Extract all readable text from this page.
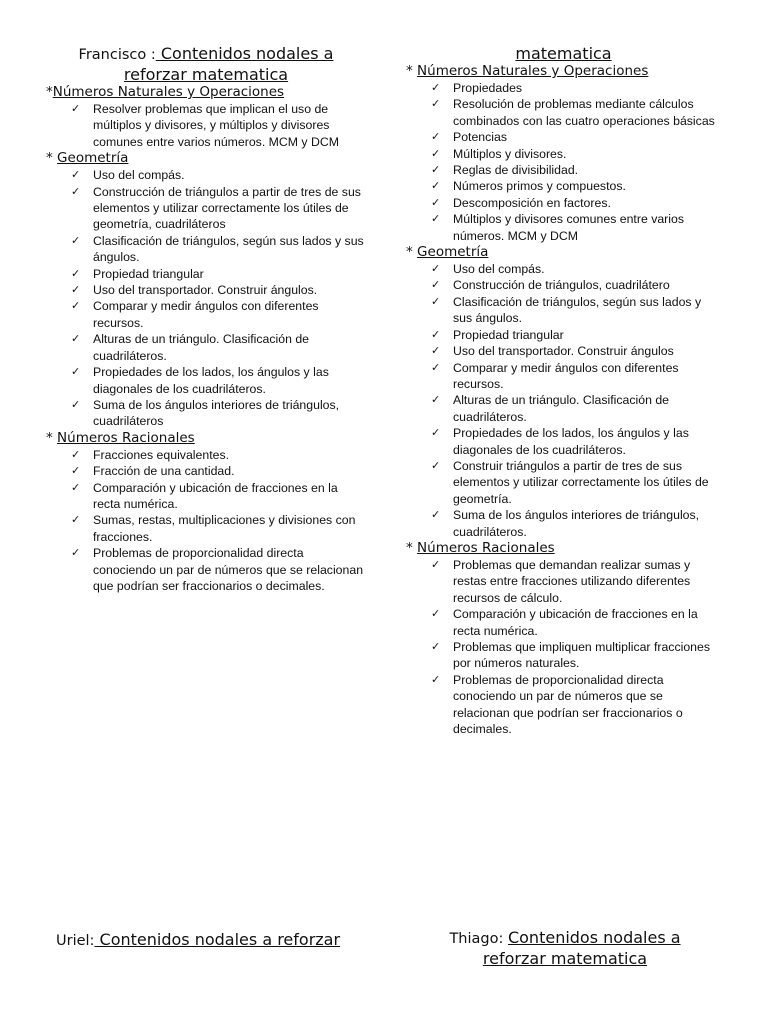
Francisco : Contenidos nodales a reforzar matematica
*Números Naturales y Operaciones
✓ Resolver problemas que implican el uso de múltiplos y divisores, y múltiplos y divisores comunes entre varios números. MCM y DCM
* Geometría
✓ Uso del compás.
✓ Construcción de triángulos a partir de tres de sus elementos y utilizar correctamente los útiles de geometría, cuadriláteros
✓ Clasificación de triángulos, según sus lados y sus ángulos.
✓ Propiedad triangular
✓ Uso del transportador. Construir ángulos.
✓ Comparar y medir ángulos con diferentes recursos.
✓ Alturas de un triángulo. Clasificación de cuadriláteros.
✓ Propiedades de los lados, los ángulos y las diagonales de los cuadriláteros.
✓ Suma de los ángulos interiores de triángulos, cuadriláteros
* Números Racionales
✓ Fracciones equivalentes.
✓ Fracción de una cantidad.
✓ Comparación y ubicación de fracciones en la recta numérica.
✓ Sumas, restas, multiplicaciones y divisiones con fracciones.
✓ Problemas de proporcionalidad directa conociendo un par de números que se relacionan que podrían ser fraccionarios o decimales.
matematica
* Números Naturales y Operaciones
✓ Propiedades
✓ Resolución de problemas mediante cálculos combinados con las cuatro operaciones básicas
✓ Potencias
✓ Múltiplos y divisores.
✓ Reglas de divisibilidad.
✓ Números primos y compuestos.
✓ Descomposición en factores.
✓ Múltiplos y divisores comunes entre varios números. MCM y DCM
* Geometría
✓ Uso del compás.
✓ Construcción de triángulos, cuadrilátero
✓ Clasificación de triángulos, según sus lados y sus ángulos.
✓ Propiedad triangular
✓ Uso del transportador. Construir ángulos
✓ Comparar y medir ángulos con diferentes recursos.
✓ Alturas de un triángulo. Clasificación de cuadriláteros.
✓ Propiedades de los lados, los ángulos y las diagonales de los cuadriláteros.
✓ Construir triángulos a partir de tres de sus elementos y utilizar correctamente los útiles de geometría.
✓ Suma de los ángulos interiores de triángulos, cuadriláteros.
* Números Racionales
✓ Problemas que demandan realizar sumas y restas entre fracciones utilizando diferentes recursos de cálculo.
✓ Comparación y ubicación de fracciones en la recta numérica.
✓ Problemas que impliquen multiplicar fracciones por números naturales.
✓ Problemas de proporcionalidad directa conociendo un par de números que se relacionan que podrían ser fraccionarios o decimales.
Uriel: Contenidos nodales a reforzar	Thiago: Contenidos nodales a reforzar matematica
